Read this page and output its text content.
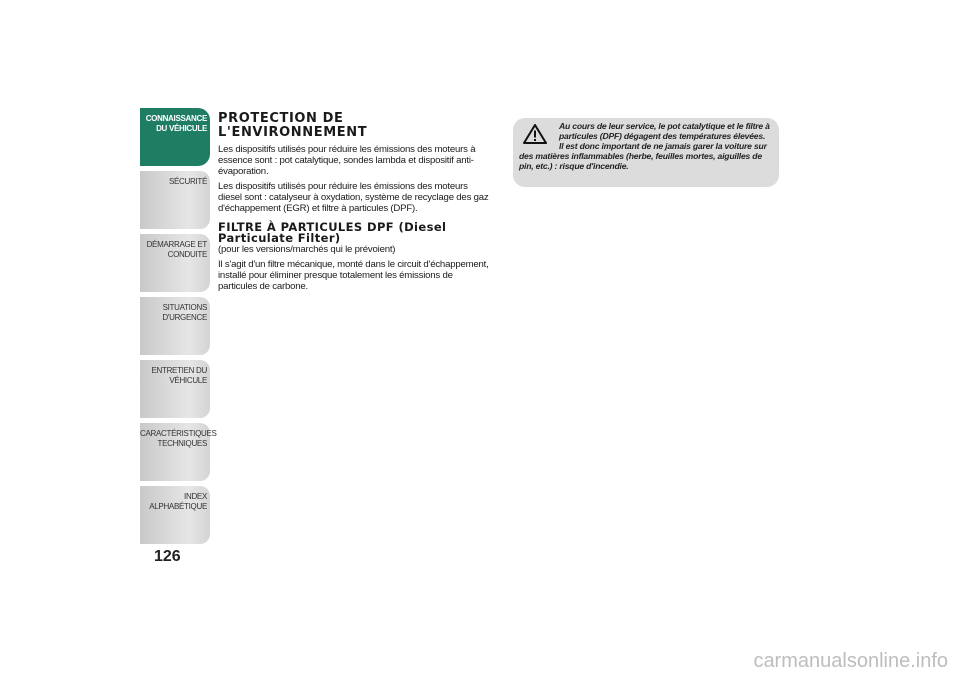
CONNAISSANCE
DU VÉHICULE
SÉCURITÉ
DÉMARRAGE ET
CONDUITE
SITUATIONS
D'URGENCE
ENTRETIEN DU
VÉHICULE
CARACTÉRISTIQUES
TECHNIQUES
INDEX
ALPHABÉTIQUE
126
PROTECTION DE
L'ENVIRONNEMENT

Les dispositifs utilisés pour réduire les émissions des moteurs à essence sont : pot catalytique, sondes lambda et dispositif anti-évaporation.

Les dispositifs utilisés pour réduire les émissions des moteurs diesel sont : catalyseur à oxydation, système de recyclage des gaz d'échappement (EGR) et filtre à particules (DPF).

FILTRE À PARTICULES DPF (Diesel Particulate Filter)

(pour les versions/marchés qui le prévoient)

Il s'agit d'un filtre mécanique, monté dans le circuit d'échappement, installé pour éliminer presque totalement les émissions de particules de carbone.

Au cours de leur service, le pot catalytique et le filtre à particules (DPF) dégagent des températures élevées.
Il est donc important de ne jamais garer la voiture sur des matières inflammables (herbe, feuilles mortes, aiguilles de pin, etc.) : risque d'incendie.
carmanualsonline.info
